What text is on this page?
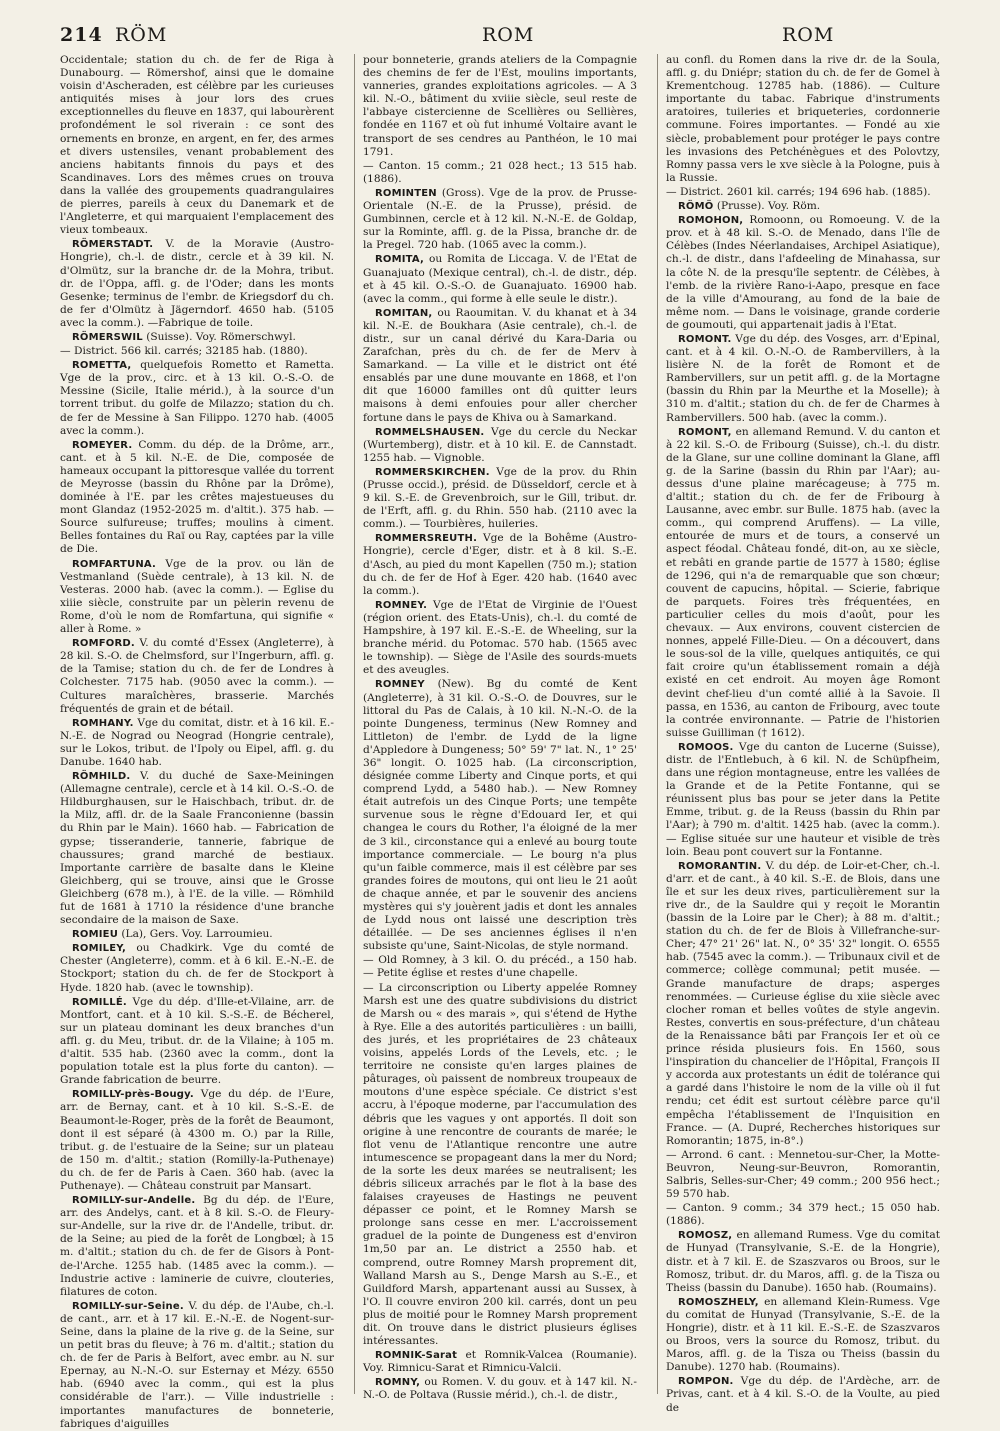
214 RÖM	ROM	ROM

Occidentale; station du ch. de fer de Riga à Dunabourg. — Römershof, ainsi que le domaine voisin d'Ascheraden, est célèbre par les curieuses antiquités mises à jour lors des crues exceptionnelles du fleuve en 1837, qui labourèrent profondément le sol riverain : ce sont des ornements en bronze, en argent, en fer, des armes et divers ustensiles, venant probablement des anciens habitants finnois du pays et des Scandinaves. Lors des mêmes crues on trouva dans la vallée des groupements quadrangulaires de pierres, pareils à ceux du Danemark et de l'Angleterre, et qui marquaient l'emplacement des vieux tombeaux.

RÖMERSTADT. V. de la Moravie (Austro-Hongrie), ch.-l. de distr., cercle et à 39 kil. N. d'Olmütz, sur la branche dr. de la Mohra, tribut. dr. de l'Oppa, affl. g. de l'Oder; dans les monts Gesenke; terminus de l'embr. de Kriegsdorf du ch. de fer d'Olmütz à Jägerndorf. 4650 hab. (5105 avec la comm.). —Fabrique de toile.

RÖMERSWIL (Suisse). Voy. Römerschwyl.

— District. 566 kil. carrés; 32185 hab. (1880).

ROMETTA, quelquefois Rometto et Rametta. Vge de la prov., circ. et à 13 kil. O.-S.-O. de Messine (Sicile, Italie mérid.), à la source d'un torrent tribut. du golfe de Milazzo; station du ch. de fer de Messine à San Filippo. 1270 hab. (4005 avec la comm.).

ROMEYER. Comm. du dép. de la Drôme, arr., cant. et à 5 kil. N.-E. de Die, composée de hameaux occupant la pittoresque vallée du torrent de Meyrosse (bassin du Rhône par la Drôme), dominée à l'E. par les crêtes majestueuses du mont Glandaz (1952-2025 m. d'altit.). 375 hab. — Source sulfureuse; truffes; moulins à ciment. Belles fontaines du Raï ou Ray, captées par la ville de Die.

ROMFARTUNA. Vge de la prov. ou län de Vestmanland (Suède centrale), à 13 kil. N. de Vesteras. 2000 hab. (avec la comm.). — Eglise du xiiie siècle, construite par un pèlerin revenu de Rome, d'où le nom de Romfartuna, qui signifie « aller à Rome. »

ROMFORD. V. du comté d'Essex (Angleterre), à 28 kil. S.-O. de Chelmsford, sur l'Ingerburn, affl. g. de la Tamise; station du ch. de fer de Londres à Colchester. 7175 hab. (9050 avec la comm.). — Cultures maraîchères, brasserie. Marchés fréquentés de grain et de bétail.

ROMHANY. Vge du comitat, distr. et à 16 kil. E.-N.-E. de Nograd ou Neograd (Hongrie centrale), sur le Lokos, tribut. de l'Ipoly ou Eipel, affl. g. du Danube. 1640 hab.

RÖMHILD. V. du duché de Saxe-Meiningen (Allemagne centrale), cercle et à 14 kil. O.-S.-O. de Hildburghausen, sur le Haischbach, tribut. dr. de la Milz, affl. dr. de la Saale Franconienne (bassin du Rhin par le Main). 1660 hab. — Fabrication de gypse; tisseranderie, tannerie, fabrique de chaussures; grand marché de bestiaux. Importante carrière de basalte dans le Kleine Gleichberg, qui se trouve, ainsi que le Grosse Gleichberg (678 m.), à l'E. de la ville. — Römhild fut de 1681 à 1710 la résidence d'une branche secondaire de la maison de Saxe.

ROMIEU (La), Gers. Voy. Larroumieu.

ROMILEY, ou Chadkirk. Vge du comté de Chester (Angleterre), comm. et à 6 kil. E.-N.-E. de Stockport; station du ch. de fer de Stockport à Hyde. 1820 hab. (avec le township).

ROMILLÉ. Vge du dép. d'Ille-et-Vilaine, arr. de Montfort, cant. et à 10 kil. S.-S.-E. de Bécherel, sur un plateau dominant les deux branches d'un affl. g. du Meu, tribut. dr. de la Vilaine; à 105 m. d'altit. 535 hab. (2360 avec la comm., dont la population totale est la plus forte du canton). — Grande fabrication de beurre.

ROMILLY-près-Bougy. Vge du dép. de l'Eure, arr. de Bernay, cant. et à 10 kil. S.-S.-E. de Beaumont-le-Roger, près de la forêt de Beaumont, dont il est séparé (à 4300 m. O.) par la Rille, tribut. g. de l'estuaire de la Seine; sur un plateau de 150 m. d'altit.; station (Romilly-la-Puthenaye) du ch. de fer de Paris à Caen. 360 hab. (avec la Puthenaye). — Château construit par Mansart.

ROMILLY-sur-Andelle. Bg du dép. de l'Eure, arr. des Andelys, cant. et à 8 kil. S.-O. de Fleury-sur-Andelle, sur la rive dr. de l'Andelle, tribut. dr. de la Seine; au pied de la forêt de Longbœl; à 15 m. d'altit.; station du ch. de fer de Gisors à Pont-de-l'Arche. 1255 hab. (1485 avec la comm.). — Industrie active : laminerie de cuivre, clouteries, filatures de coton.

ROMILLY-sur-Seine. V. du dép. de l'Aube, ch.-l. de cant., arr. et à 17 kil. E.-N.-E. de Nogent-sur-Seine, dans la plaine de la rive g. de la Seine, sur un petit bras du fleuve; à 76 m. d'altit.; station du ch. de fer de Paris à Belfort, avec embr. au N. sur Epernay, au N.-N.-O. sur Esternay et Mézy. 6550 hab. (6940 avec la comm., qui est la plus considérable de l'arr.). — Ville industrielle : importantes manufactures de bonneterie, fabriques d'aiguilles

pour bonneterie, grands ateliers de la Compagnie des chemins de fer de l'Est, moulins importants, vanneries, grandes exploitations agricoles. — A 3 kil. N.-O., bâtiment du xviiie siècle, seul reste de l'abbaye cistercienne de Scellières ou Sellières, fondée en 1167 et où fut inhumé Voltaire avant le transport de ses cendres au Panthéon, le 10 mai 1791.

— Canton. 15 comm.; 21 028 hect.; 13 515 hab. (1886).

ROMINTEN (Gross). Vge de la prov. de Prusse-Orientale (N.-E. de la Prusse), présid. de Gumbinnen, cercle et à 12 kil. N.-N.-E. de Goldap, sur la Rominte, affl. g. de la Pissa, branche dr. de la Pregel. 720 hab. (1065 avec la comm.).

ROMITA, ou Romita de Liccaga. V. de l'Etat de Guanajuato (Mexique central), ch.-l. de distr., dép. et à 45 kil. O.-S.-O. de Guanajuato. 16900 hab. (avec la comm., qui forme à elle seule le distr.).

ROMITAN, ou Raoumitan. V. du khanat et à 34 kil. N.-E. de Boukhara (Asie centrale), ch.-l. de distr., sur un canal dérivé du Kara-Daria ou Zarafchan, près du ch. de fer de Merv à Samarkand. — La ville et le district ont été ensablés par une dune mouvante en 1868, et l'on dit que 16000 familles ont dû quitter leurs maisons à demi enfouies pour aller chercher fortune dans le pays de Khiva ou à Samarkand.

ROMMELSHAUSEN. Vge du cercle du Neckar (Wurtemberg), distr. et à 10 kil. E. de Cannstadt. 1255 hab. — Vignoble.

ROMMERSKIRCHEN. Vge de la prov. du Rhin (Prusse occid.), présid. de Düsseldorf, cercle et à 9 kil. S.-E. de Grevenbroich, sur le Gill, tribut. dr. de l'Erft, affl. g. du Rhin. 550 hab. (2110 avec la comm.). — Tourbières, huileries.

ROMMERSREUTH. Vge de la Bohême (Austro-Hongrie), cercle d'Eger, distr. et à 8 kil. S.-E. d'Asch, au pied du mont Kapellen (750 m.); station du ch. de fer de Hof à Eger. 420 hab. (1640 avec la comm.).

ROMNEY. Vge de l'Etat de Virginie de l'Ouest (région orient. des Etats-Unis), ch.-l. du comté de Hampshire, à 197 kil. E.-S.-E. de Wheeling, sur la branche mérid. du Potomac. 570 hab. (1565 avec le township). — Siège de l'Asile des sourds-muets et des aveugles.

ROMNEY (New). Bg du comté de Kent (Angleterre), à 31 kil. O.-S.-O. de Douvres, sur le littoral du Pas de Calais, à 10 kil. N.-N.-O. de la pointe Dungeness, terminus (New Romney and Littleton) de l'embr. de Lydd de la ligne d'Appledore à Dungeness; 50° 59' 7" lat. N., 1° 25' 36" longit. O. 1025 hab. (La circonscription, désignée comme Liberty and Cinque ports, et qui comprend Lydd, a 5480 hab.). — New Romney était autrefois un des Cinque Ports; une tempête survenue sous le règne d'Edouard Ier, et qui changea le cours du Rother, l'a éloigné de la mer de 3 kil., circonstance qui a enlevé au bourg toute importance commerciale. — Le bourg n'a plus qu'un faible commerce, mais il est célèbre par ses grandes foires de moutons, qui ont lieu le 21 août de chaque année, et par le souvenir des anciens mystères qui s'y jouèrent jadis et dont les annales de Lydd nous ont laissé une description très détaillée. — De ses anciennes églises il n'en subsiste qu'une, Saint-Nicolas, de style normand.

— Old Romney, à 3 kil. O. du précéd., a 150 hab. — Petite église et restes d'une chapelle.

— La circonscription ou Liberty appelée Romney Marsh est une des quatre subdivisions du district de Marsh ou « des marais », qui s'étend de Hythe à Rye. Elle a des autorités particulières : un bailli, des jurés, et les propriétaires de 23 châteaux voisins, appelés Lords of the Levels, etc. ; le territoire ne consiste qu'en larges plaines de pâturages, où paissent de nombreux troupeaux de moutons d'une espèce spéciale. Ce district s'est accru, à l'époque moderne, par l'accumulation des débris que les vagues y ont apportés. Il doit son origine à une rencontre de courants de marée; le flot venu de l'Atlantique rencontre une autre intumescence se propageant dans la mer du Nord; de la sorte les deux marées se neutralisent; les débris siliceux arrachés par le flot à la base des falaises crayeuses de Hastings ne peuvent dépasser ce point, et le Romney Marsh se prolonge sans cesse en mer. L'accroissement graduel de la pointe de Dungeness est d'environ 1m,50 par an. Le district a 2550 hab. et comprend, outre Romney Marsh proprement dit, Walland Marsh au S., Denge Marsh au S.-E., et Guildford Marsh, appartenant aussi au Sussex, à l'O. Il couvre environ 200 kil. carrés, dont un peu plus de moitié pour le Romney Marsh proprement dit. On trouve dans le district plusieurs églises intéressantes.

ROMNIK-Sarat et Romnik-Valcea (Roumanie). Voy. Rimnicu-Sarat et Rimnicu-Valcii.

ROMNY, ou Romen. V. du gouv. et à 147 kil. N.-N.-O. de Poltava (Russie mérid.), ch.-l. de distr.,

au confl. du Romen dans la rive dr. de la Soula, affl. g. du Dniépr; station du ch. de fer de Gomel à Krementchoug. 12785 hab. (1886). — Culture importante du tabac. Fabrique d'instruments aratoires, tuileries et briqueteries, cordonnerie commune. Foires importantes. — Fondé au xie siècle, probablement pour protéger le pays contre les invasions des Petchénègues et des Polovtzy, Romny passa vers le xve siècle à la Pologne, puis à la Russie.

— District. 2601 kil. carrés; 194 696 hab. (1885).

RÖMÖ (Prusse). Voy. Röm.

ROMOHON, Romoonn, ou Romoeung. V. de la prov. et à 48 kil. S.-O. de Menado, dans l'île de Célèbes (Indes Néerlandaises, Archipel Asiatique), ch.-l. de distr., dans l'afdeeling de Minahassa, sur la côte N. de la presqu'île septentr. de Célèbes, à l'emb. de la rivière Rano-i-Aapo, presque en face de la ville d'Amourang, au fond de la baie de même nom. — Dans le voisinage, grande corderie de goumouti, qui appartenait jadis à l'Etat.

ROMONT. Vge du dép. des Vosges, arr. d'Epinal, cant. et à 4 kil. O.-N.-O. de Rambervillers, à la lisière N. de la forêt de Romont et de Rambervillers, sur un petit affl. g. de la Mortagne (bassin du Rhin par la Meurthe et la Moselle); à 310 m. d'altit.; station du ch. de fer de Charmes à Rambervillers. 500 hab. (avec la comm.).

ROMONT, en allemand Remund. V. du canton et à 22 kil. S.-O. de Fribourg (Suisse), ch.-l. du distr. de la Glane, sur une colline dominant la Glane, affl g. de la Sarine (bassin du Rhin par l'Aar); au-dessus d'une plaine marécageuse; à 775 m. d'altit.; station du ch. de fer de Fribourg à Lausanne, avec embr. sur Bulle. 1875 hab. (avec la comm., qui comprend Aruffens). — La ville, entourée de murs et de tours, a conservé un aspect féodal. Château fondé, dit-on, au xe siècle, et rebâti en grande partie de 1577 à 1580; église de 1296, qui n'a de remarquable que son chœur; couvent de capucins, hôpital. — Scierie, fabrique de parquets. Foires très fréquentées, en particulier celles du mois d'août, pour les chevaux. — Aux environs, couvent cistercien de nonnes, appelé Fille-Dieu. — On a découvert, dans le sous-sol de la ville, quelques antiquités, ce qui fait croire qu'un établissement romain a déjà existé en cet endroit. Au moyen âge Romont devint chef-lieu d'un comté allié à la Savoie. Il passa, en 1536, au canton de Fribourg, avec toute la contrée environnante. — Patrie de l'historien suisse Guilliman († 1612).

ROMOOS. Vge du canton de Lucerne (Suisse), distr. de l'Entlebuch, à 6 kil. N. de Schüpfheim, dans une région montagneuse, entre les vallées de la Grande et de la Petite Fontanne, qui se réunissent plus bas pour se jeter dans la Petite Emme, tribut. g. de la Reuss (bassin du Rhin par l'Aar); à 790 m. d'altit. 1425 hab. (avec la comm.). — Eglise située sur une hauteur et visible de très loin. Beau pont couvert sur la Fontanne.

ROMORANTIN. V. du dép. de Loir-et-Cher, ch.-l. d'arr. et de cant., à 40 kil. S.-E. de Blois, dans une île et sur les deux rives, particulièrement sur la rive dr., de la Sauldre qui y reçoit le Morantin (bassin de la Loire par le Cher); à 88 m. d'altit.; station du ch. de fer de Blois à Villefranche-sur-Cher; 47° 21' 26" lat. N., 0° 35' 32" longit. O. 6555 hab. (7545 avec la comm.). — Tribunaux civil et de commerce; collège communal; petit musée. — Grande manufacture de draps; asperges renommées. — Curieuse église du xiie siècle avec clocher roman et belles voûtes de style angevin. Restes, convertis en sous-préfecture, d'un château de la Renaissance bâti par François Ier et où ce prince résida plusieurs fois. En 1560, sous l'inspiration du chancelier de l'Hôpital, François II y accorda aux protestants un édit de tolérance qui a gardé dans l'histoire le nom de la ville où il fut rendu; cet édit est surtout célèbre parce qu'il empêcha l'établissement de l'Inquisition en France. — (A. Dupré, Recherches historiques sur Romorantin; 1875, in-8°.)

— Arrond. 6 cant. : Mennetou-sur-Cher, la Motte-Beuvron, Neung-sur-Beuvron, Romorantin, Salbris, Selles-sur-Cher; 49 comm.; 200 956 hect.; 59 570 hab.

— Canton. 9 comm.; 34 379 hect.; 15 050 hab. (1886).

ROMOSZ, en allemand Rumess. Vge du comitat de Hunyad (Transylvanie, S.-E. de la Hongrie), distr. et à 7 kil. E. de Szaszvaros ou Broos, sur le Romosz, tribut. dr. du Maros, affl. g. de la Tisza ou Theiss (bassin du Danube). 1650 hab. (Roumains).

ROMOSZHELY, en allemand Klein-Rumess. Vge du comitat de Hunyad (Transylvanie, S.-E. de la Hongrie), distr. et à 11 kil. E.-S.-E. de Szaszvaros ou Broos, vers la source du Romosz, tribut. du Maros, affl. g. de la Tisza ou Theiss (bassin du Danube). 1270 hab. (Roumains).

ROMPON. Vge du dép. de l'Ardèche, arr. de Privas, cant. et à 4 kil. S.-O. de la Voulte, au pied de
